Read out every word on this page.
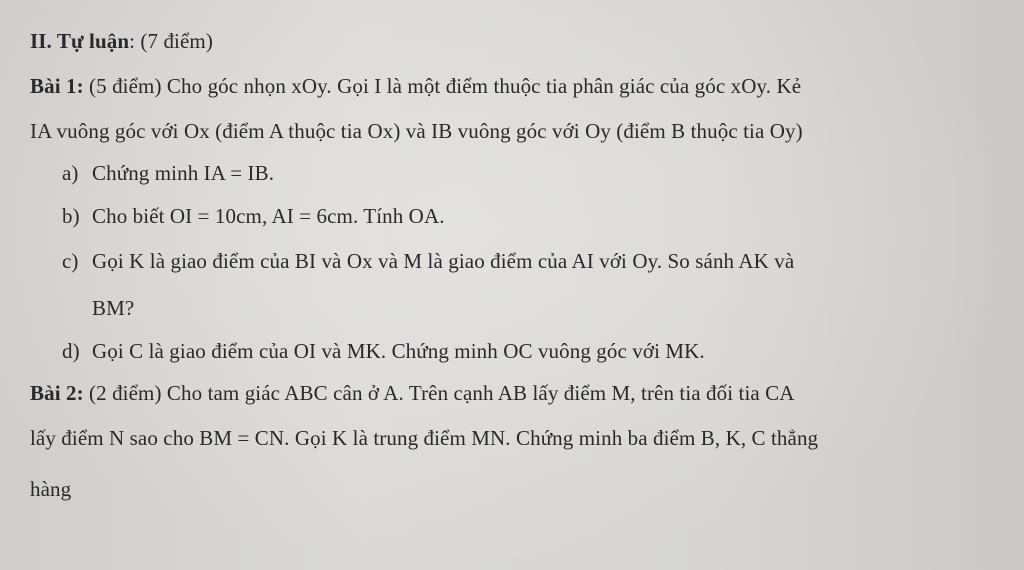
II. Tự luận: (7 điểm)
Bài 1: (5 điểm) Cho góc nhọn xOy. Gọi I là một điểm thuộc tia phân giác của góc xOy. Kẻ
IA vuông góc với Ox (điểm A thuộc tia Ox) và IB vuông góc với Oy (điểm B thuộc tia Oy)
a) Chứng minh IA = IB.
b) Cho biết OI = 10cm, AI = 6cm. Tính OA.
c) Gọi K là giao điểm của BI và Ox và M là giao điểm của AI với Oy. So sánh AK và
BM?
d) Gọi C là giao điểm của OI và MK. Chứng minh OC vuông góc với MK.
Bài 2: (2 điểm) Cho tam giác ABC cân ở A. Trên cạnh AB lấy điểm M, trên tia đối tia CA
lấy điểm N sao cho BM = CN. Gọi K là trung điểm MN. Chứng minh ba điểm B, K, C thẳng
hàng
